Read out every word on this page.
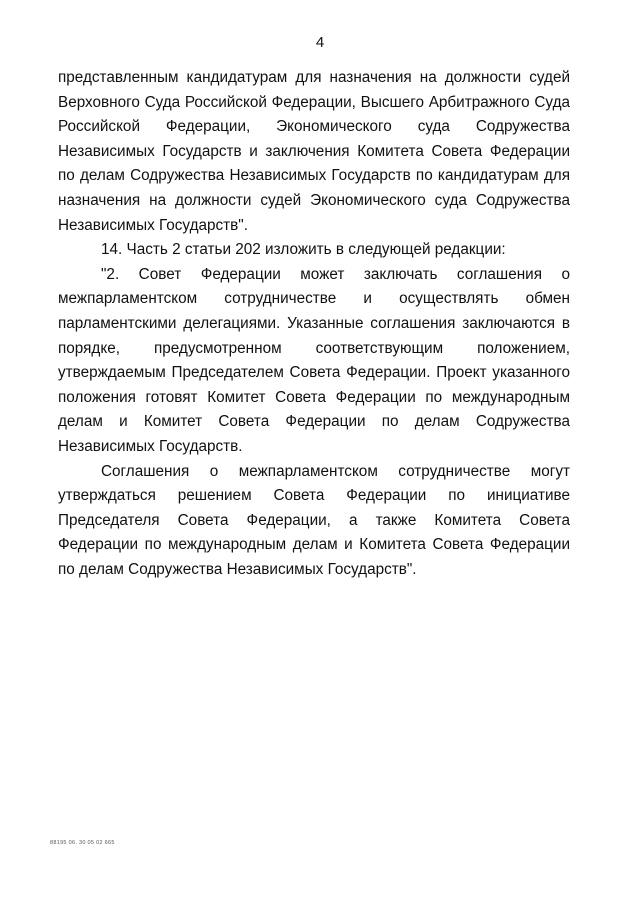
4

представленным кандидатурам для назначения на должности судей Верховного Суда Российской Федерации, Высшего Арбитражного Суда Российской Федерации, Экономического суда Содружества Независимых Государств и заключения Комитета Совета Федерации по делам Содружества Независимых Государств по кандидатурам для назначения на должности судей Экономического суда Содружества Независимых Государств".

14. Часть 2 статьи 202 изложить в следующей редакции:

"2. Совет Федерации может заключать соглашения о межпарламентском сотрудничестве и осуществлять обмен парламентскими делегациями. Указанные соглашения заключаются в порядке, предусмотренном соответствующим положением, утверждаемым Председателем Совета Федерации. Проект указанного положения готовят Комитет Совета Федерации по международным делам и Комитет Совета Федерации по делам Содружества Независимых Государств.

Соглашения о межпарламентском сотрудничестве могут утверждаться решением Совета Федерации по инициативе Председателя Совета Федерации, а также Комитета Совета Федерации по международным делам и Комитета Совета Федерации по делам Содружества Независимых Государств".

88195 06. 30 05 02 665
